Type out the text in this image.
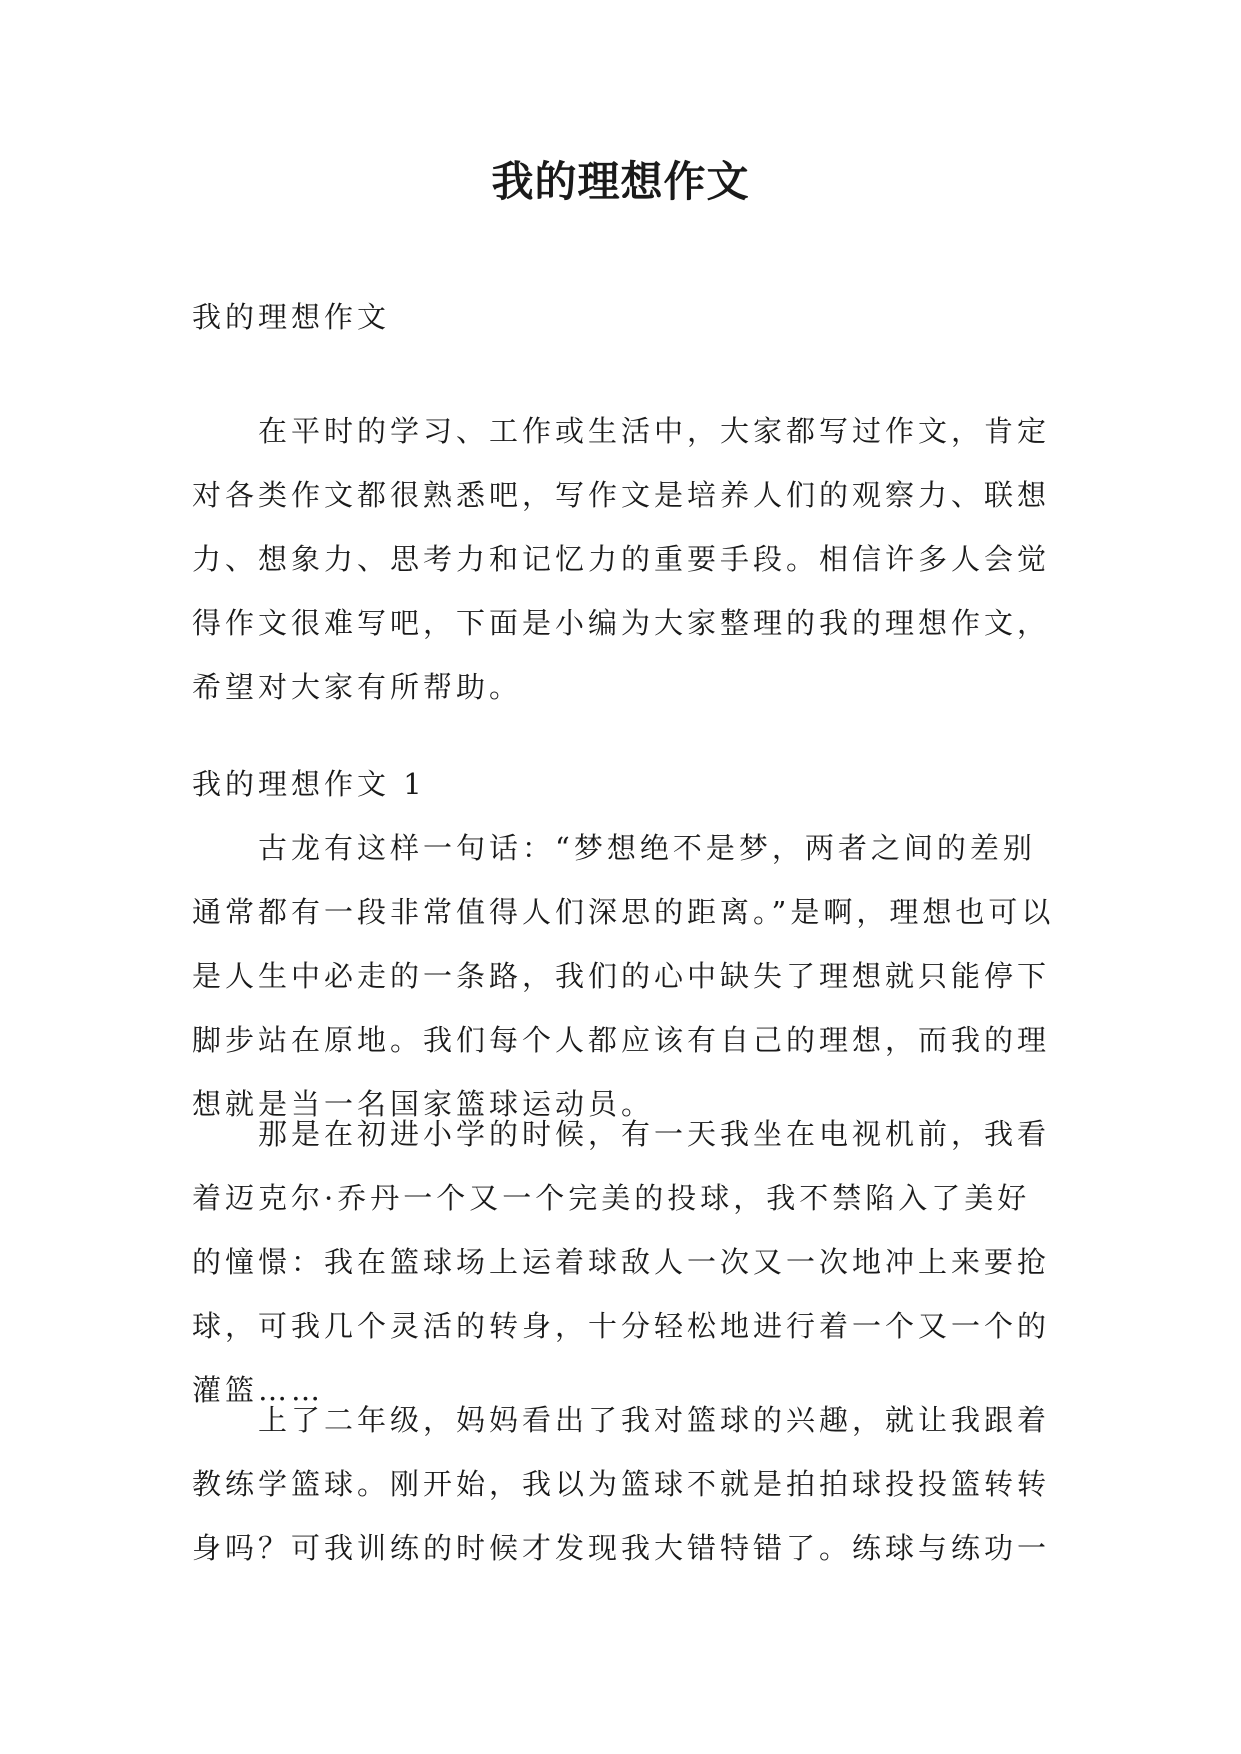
我的理想作文

我的理想作文

在平时的学习、工作或生活中，大家都写过作文，肯定对各类作文都很熟悉吧，写作文是培养人们的观察力、联想力、想象力、思考力和记忆力的重要手段。相信许多人会觉得作文很难写吧，下面是小编为大家整理的我的理想作文，希望对大家有所帮助。

我的理想作文 1

古龙有这样一句话：“梦想绝不是梦，两者之间的差别通常都有一段非常值得人们深思的距离。”是啊，理想也可以是人生中必走的一条路，我们的心中缺失了理想就只能停下脚步站在原地。我们每个人都应该有自己的理想，而我的理想就是当一名国家篮球运动员。

那是在初进小学的时候，有一天我坐在电视机前，我看着迈克尔·乔丹一个又一个完美的投球，我不禁陷入了美好的憧憬：我在篮球场上运着球敌人一次又一次地冲上来要抢球，可我几个灵活的转身，十分轻松地进行着一个又一个的灌篮……

上了二年级，妈妈看出了我对篮球的兴趣，就让我跟着教练学篮球。刚开始，我以为篮球不就是拍拍球投投篮转转身吗？可我训练的时候才发现我大错特错了。练球与练功一
